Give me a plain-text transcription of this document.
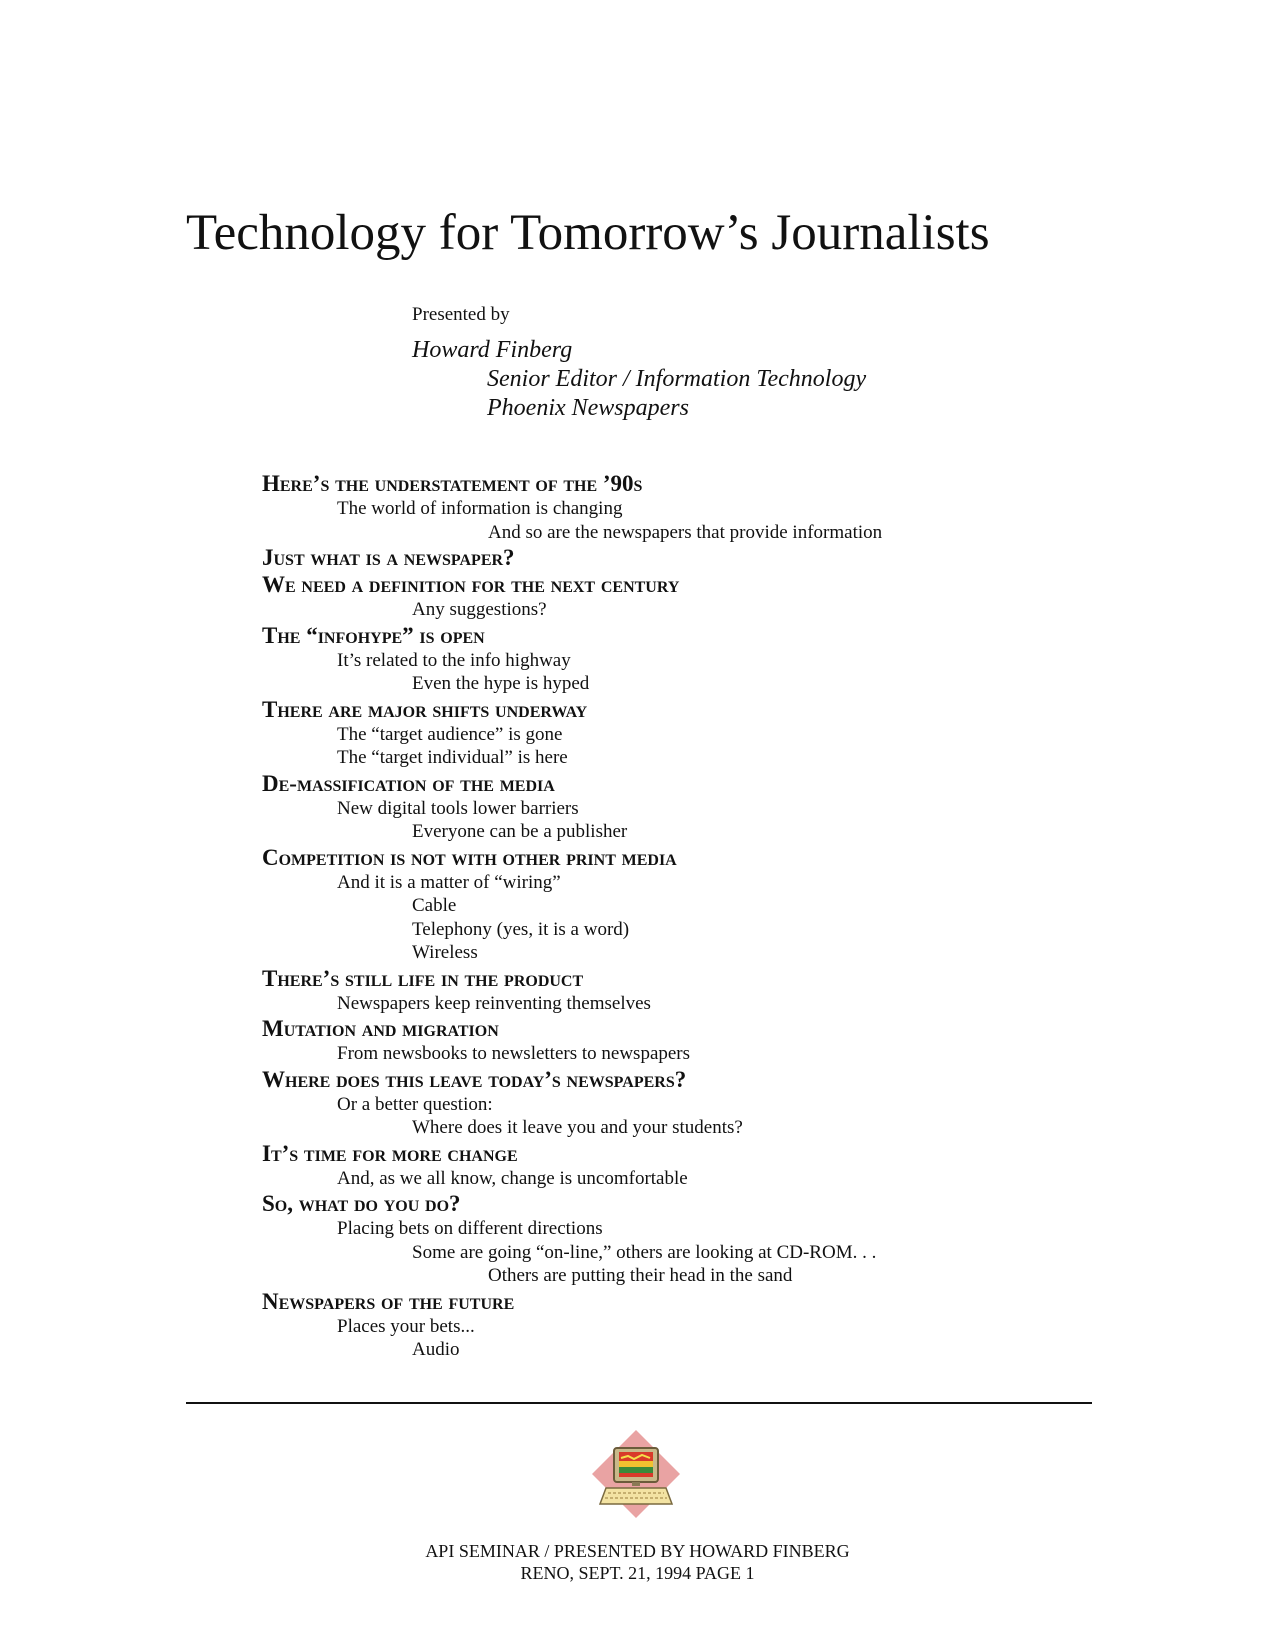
Technology for Tomorrow’s Journalists
Presented by
Howard Finberg
Senior Editor / Information Technology
Phoenix Newspapers
Here’s the understatement of the ’90s
The world of information is changing
And so are the newspapers that provide information
Just what is a newspaper?
We need a definition for the next century
Any suggestions?
The “infohype” is open
It’s related to the info highway
Even the hype is hyped
There are major shifts underway
The “target audience” is gone
The “target individual” is here
De-massification of the media
New digital tools lower barriers
Everyone can be a publisher
Competition is not with other print media
And it is a matter of “wiring”
Cable
Telephony (yes, it is a word)
Wireless
There’s still life in the product
Newspapers keep reinventing themselves
Mutation and migration
From newsbooks to newsletters to newspapers
Where does this leave today’s newspapers?
Or a better question:
Where does it leave you and your students?
It’s time for more change
And, as we all know, change is uncomfortable
So, what do you do?
Placing bets on different directions
Some are going “on-line,” others are looking at CD-ROM. . .
Others are putting their head in the sand
Newspapers of the future
Places your bets...
Audio
API SEMINAR / PRESENTED BY HOWARD FINBERG
RENO, SEPT. 21, 1994 PAGE 1
